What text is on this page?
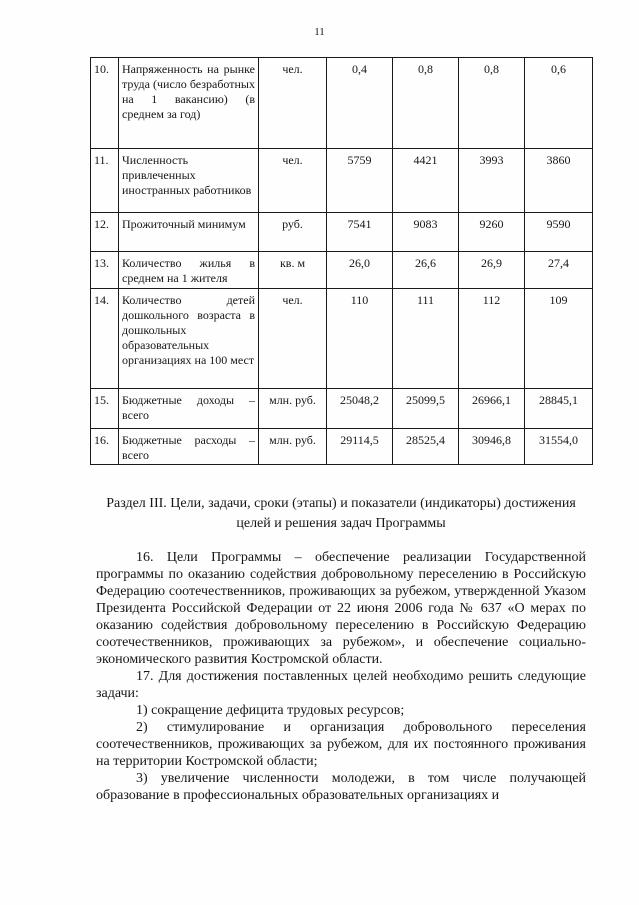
11
10.	Напряженность на рынке труда (число безработных на 1 вакансию) (в среднем за год)	чел.	0,4	0,8	0,8	0,6
11.	Численность привлеченных иностранных работников	чел.	5759	4421	3993	3860
12.	Прожиточный минимум	руб.	7541	9083	9260	9590
13.	Количество жилья в среднем на 1 жителя	кв. м	26,0	26,6	26,9	27,4
14.	Количество детей дошкольного возраста в дошкольных образовательных организациях на 100 мест	чел.	110	111	112	109
15.	Бюджетные доходы – всего	млн. руб.	25048,2	25099,5	26966,1	28845,1
16.	Бюджетные расходы – всего	млн. руб.	29114,5	28525,4	30946,8	31554,0
Раздел III. Цели, задачи, сроки (этапы) и показатели (индикаторы) достижения целей и решения задач Программы

16. Цели Программы – обеспечение реализации Государственной программы по оказанию содействия добровольному переселению в Российскую Федерацию соотечественников, проживающих за рубежом, утвержденной Указом Президента Российской Федерации от 22 июня 2006 года № 637 «О мерах по оказанию содействия добровольному переселению в Российскую Федерацию соотечественников, проживающих за рубежом», и обеспечение социально-экономического развития Костромской области.

17. Для достижения поставленных целей необходимо решить следующие задачи:

1) сокращение дефицита трудовых ресурсов;

2) стимулирование и организация добровольного переселения соотечественников, проживающих за рубежом, для их постоянного проживания на территории Костромской области;

3) увеличение численности молодежи, в том числе получающей образование в профессиональных образовательных организациях и
